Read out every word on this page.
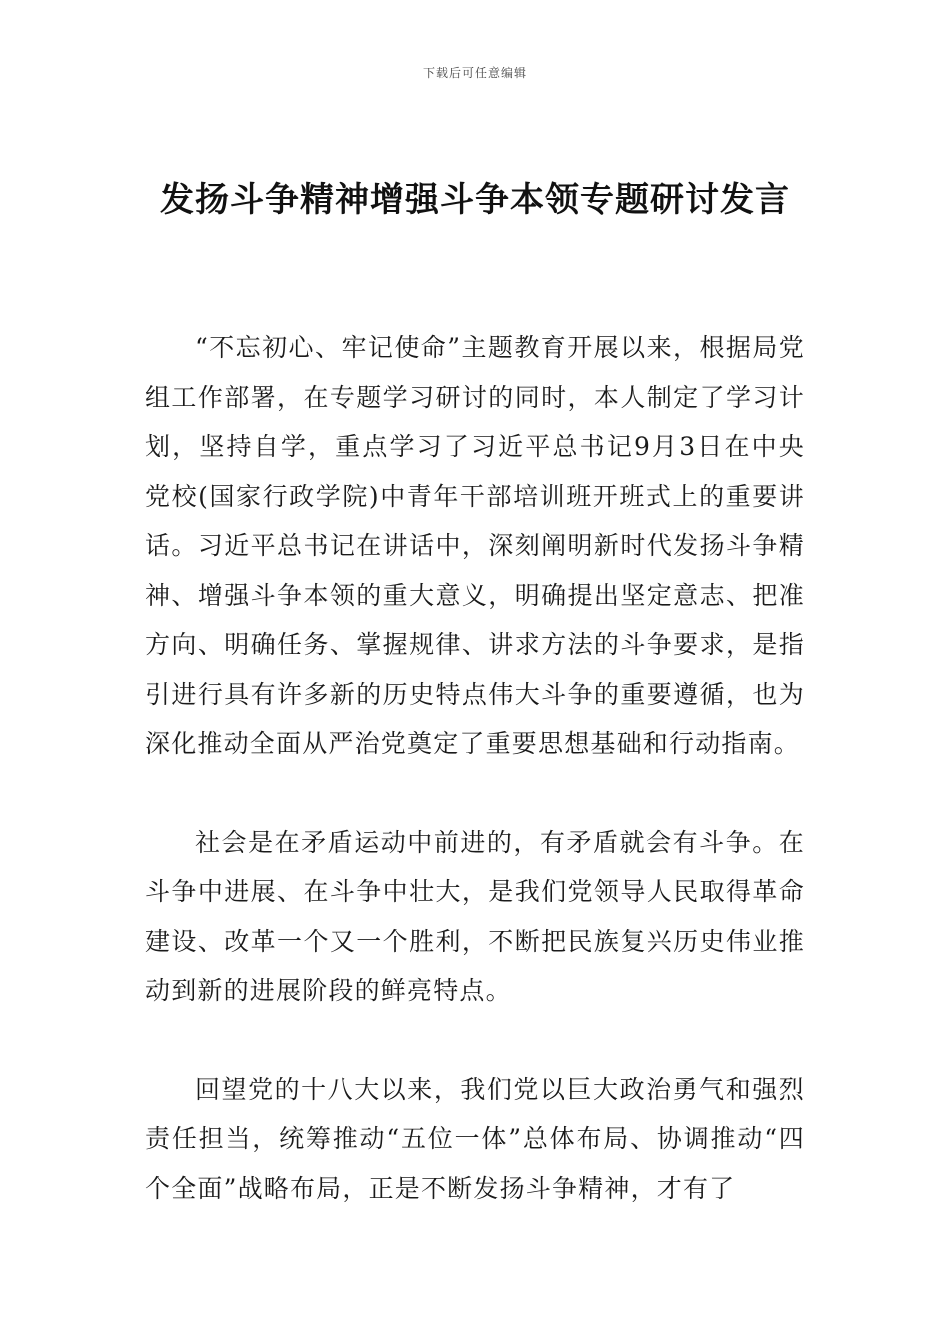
下载后可任意编辑
发扬斗争精神增强斗争本领专题研讨发言

“不忘初心、牢记使命”主题教育开展以来，根据局党组工作部署，在专题学习研讨的同时，本人制定了学习计划，坚持自学，重点学习了习近平总书记9月3日在中央党校(国家行政学院)中青年干部培训班开班式上的重要讲话。习近平总书记在讲话中，深刻阐明新时代发扬斗争精神、增强斗争本领的重大意义，明确提出坚定意志、把准方向、明确任务、掌握规律、讲求方法的斗争要求，是指引进行具有许多新的历史特点伟大斗争的重要遵循，也为深化推动全面从严治党奠定了重要思想基础和行动指南。

社会是在矛盾运动中前进的，有矛盾就会有斗争。在斗争中进展、在斗争中壮大，是我们党领导人民取得革命建设、改革一个又一个胜利，不断把民族复兴历史伟业推动到新的进展阶段的鲜亮特点。

回望党的十八大以来，我们党以巨大政治勇气和强烈责任担当，统筹推动“五位一体”总体布局、协调推动“四个全面”战略布局，正是不断发扬斗争精神，才有了
